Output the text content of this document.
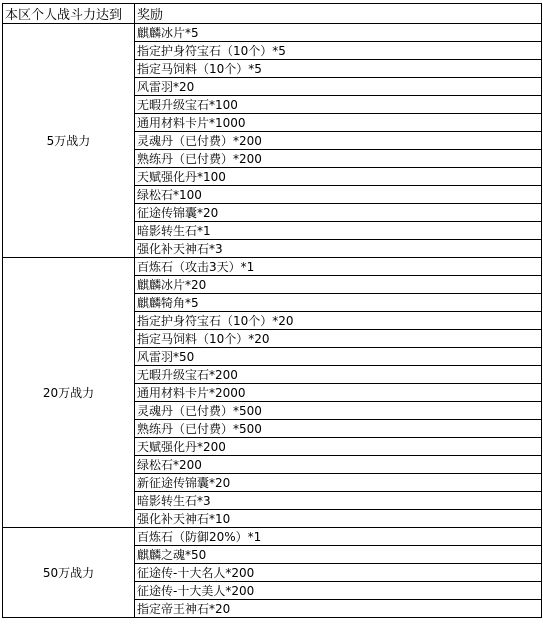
本区个人战斗力达到	奖励
5万战力	麒麟冰片*5
	指定护身符宝石（10个）*5
	指定马饲料（10个）*5
	风雷羽*20
	无暇升级宝石*100
	通用材料卡片*1000
	灵魂丹（已付费）*200
	熟练丹（已付费）*200
	天赋强化丹*100
	绿松石*100
	征途传锦囊*20
	暗影转生石*1
	强化补天神石*3
20万战力	百炼石（攻击3天）*1
	麒麟冰片*20
	麒麟犄角*5
	指定护身符宝石（10个）*20
	指定马饲料（10个）*20
	风雷羽*50
	无暇升级宝石*200
	通用材料卡片*2000
	灵魂丹（已付费）*500
	熟练丹（已付费）*500
	天赋强化丹*200
	绿松石*200
	新征途传锦囊*20
	暗影转生石*3
	强化补天神石*10
50万战力	百炼石（防御20%）*1
	麒麟之魂*50
	征途传-十大名人*200
	征途传-十大美人*200
	指定帝王神石*20
